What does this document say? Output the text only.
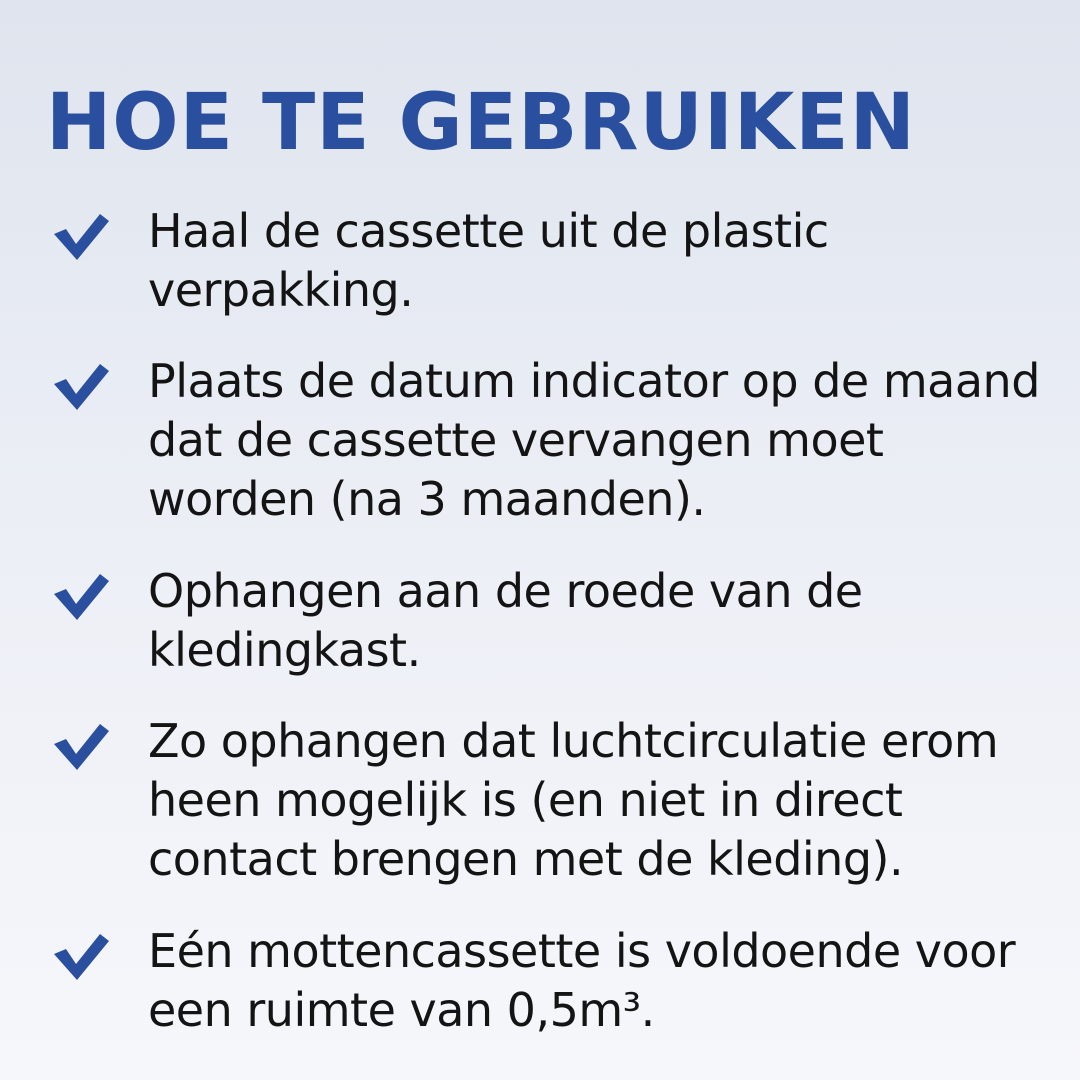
HOE TE GEBRUIKEN

Haal de cassette uit de plastic verpakking.

Plaats de datum indicator op de maand dat de cassette vervangen moet worden (na 3 maanden).

Ophangen aan de roede van de kledingkast.

Zo ophangen dat luchtcirculatie erom heen mogelijk is (en niet in direct contact brengen met de kleding).

Eén mottencassette is voldoende voor een ruimte van 0,5m³.
